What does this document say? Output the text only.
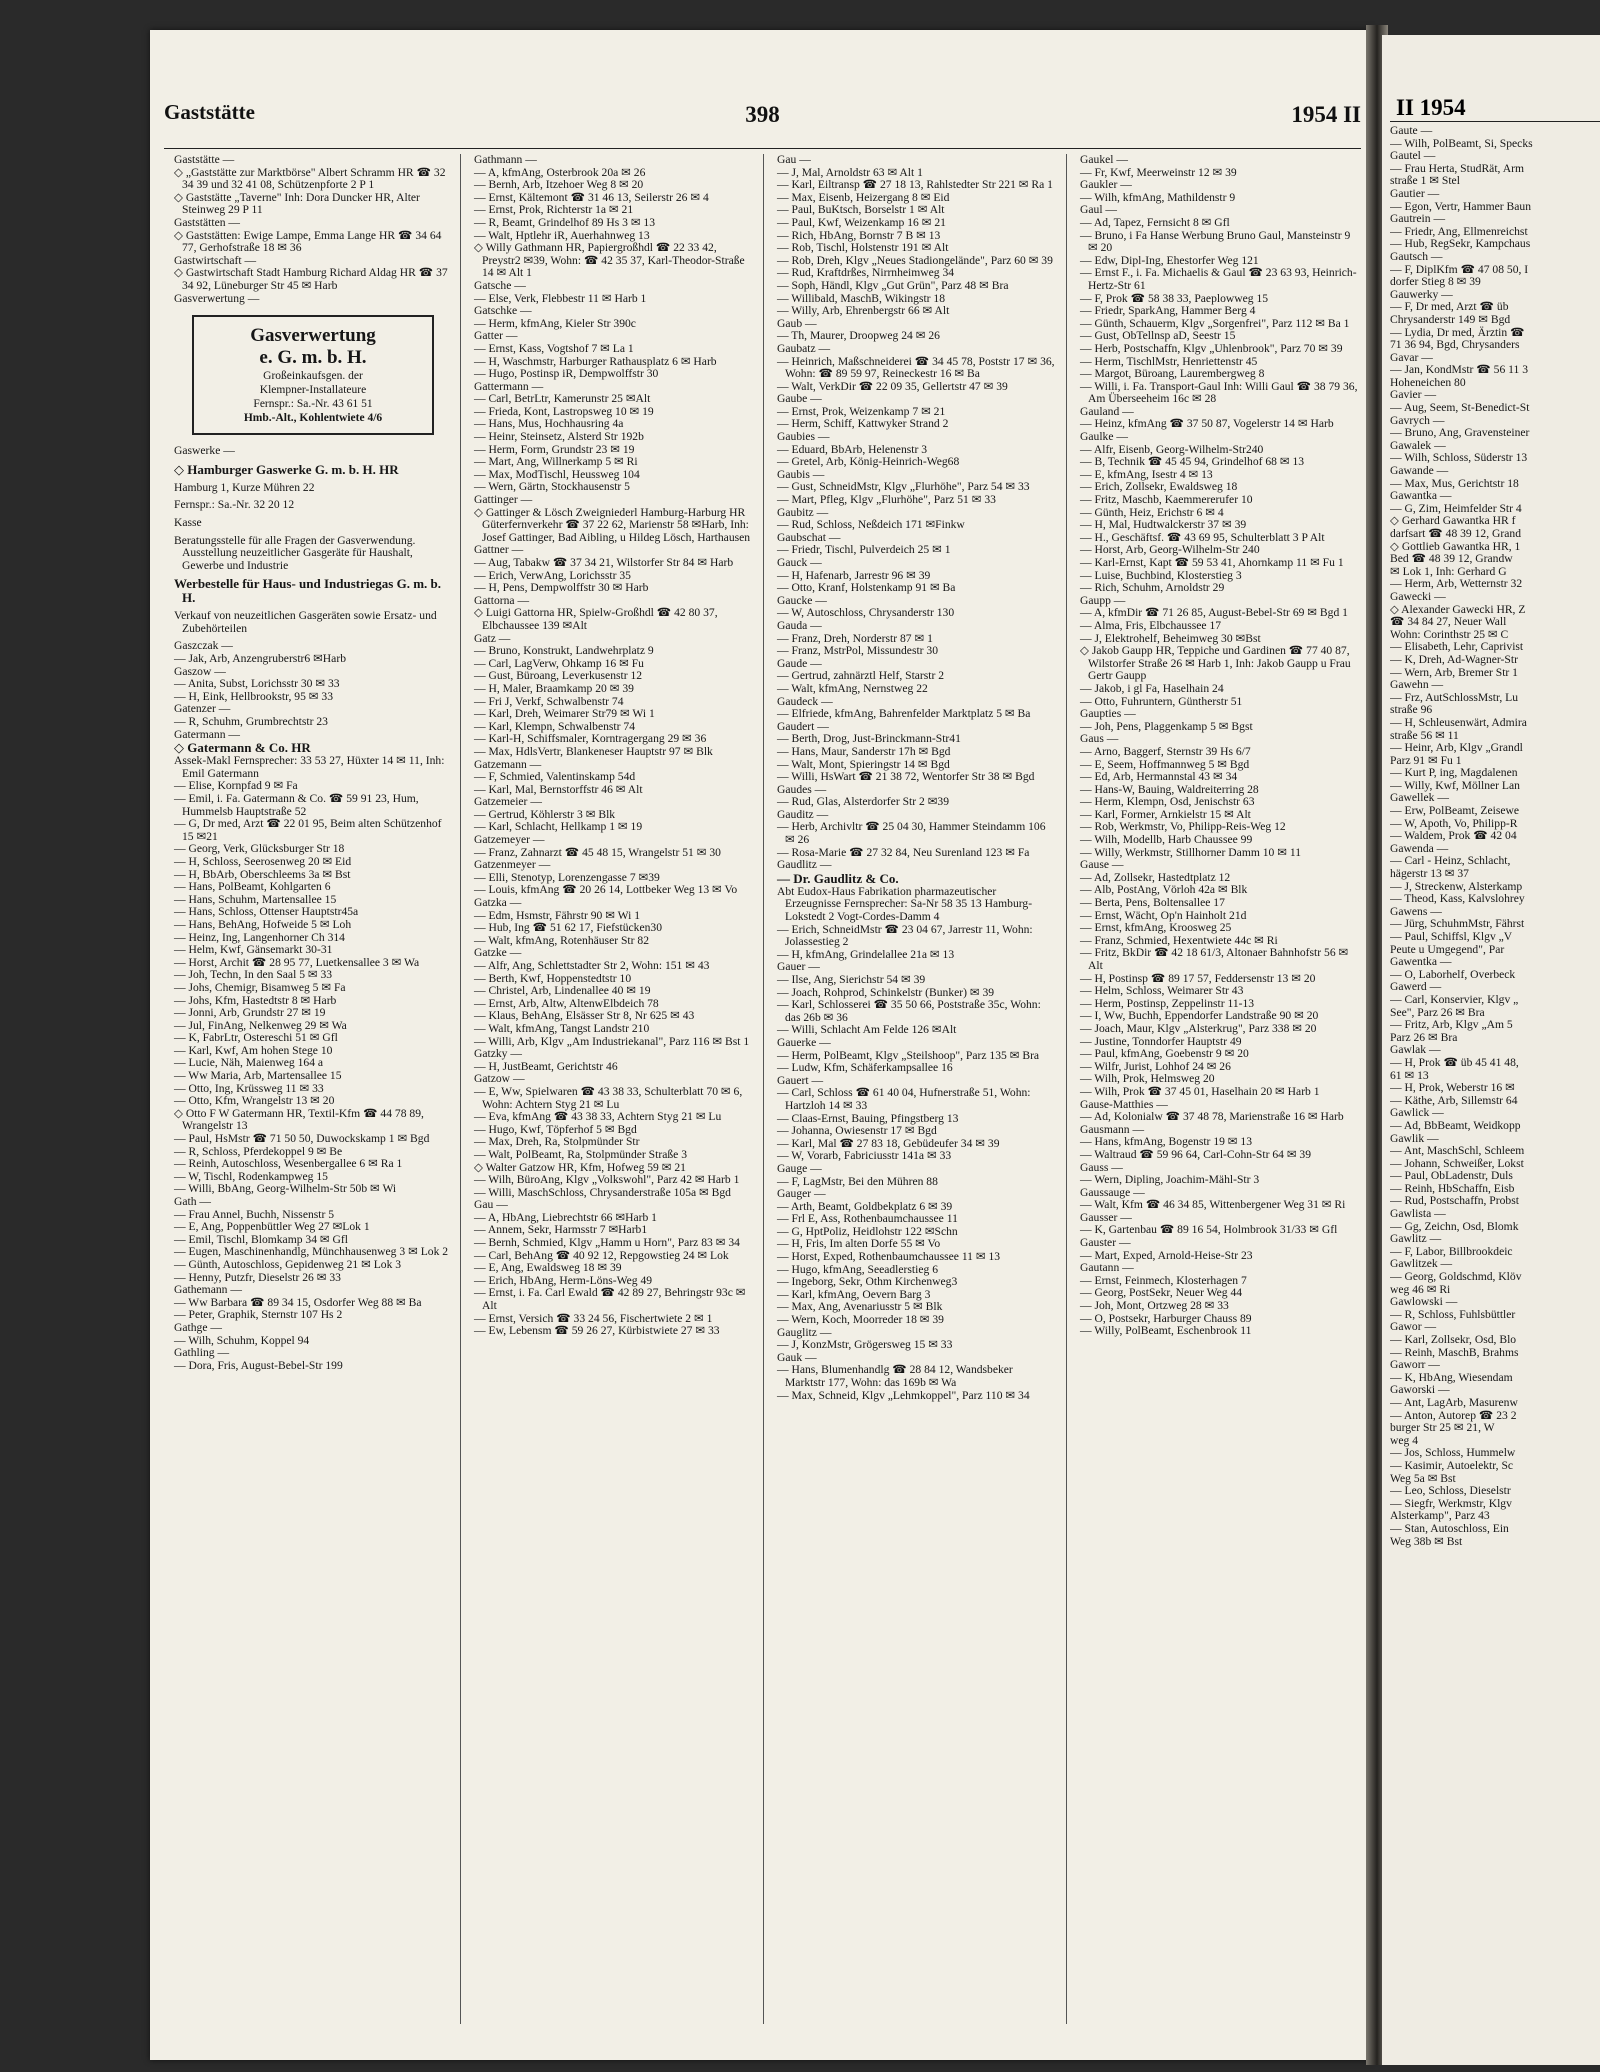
Gaststätte	398	1954 II

Gaststätte —

◇ „Gaststätte zur Marktbörse" Albert Schramm HR ☎ 32 34 39 und 32 41 08, Schützenpforte 2 P 1

◇ Gaststätte „Taverne" Inh: Dora Duncker HR, Alter Steinweg 29 P 11

Gaststätten —

◇ Gaststätten: Ewige Lampe, Emma Lange HR ☎ 34 64 77, Gerhofstraße 18 ✉ 36

Gastwirtschaft —

◇ Gastwirtschaft Stadt Hamburg Richard Aldag HR ☎ 37 34 92, Lüneburger Str 45 ✉ Harb

Gasverwertung —

Gasverwertung
e. G. m. b. H.
Großeinkaufsgen. der
Klempner-Installateure
Fernspr.: Sa.-Nr. 43 61 51
Hmb.-Alt., Kohlentwiete 4/6

Gaswerke —

◇ Hamburger Gaswerke G. m. b. H. HR

Hamburg 1, Kurze Mühren 22

Fernspr.: Sa.-Nr. 32 20 12

Kasse

Beratungsstelle für alle Fragen der Gasverwendung. Ausstellung neuzeitlicher Gasgeräte für Haushalt, Gewerbe und Industrie

Werbestelle für Haus- und Industriegas G. m. b. H.

Verkauf von neuzeitlichen Gasgeräten sowie Ersatz- und Zubehörteilen

Gaszczak —

— Jak, Arb, Anzengruberstr6 ✉Harb

Gaszow —

— Anita, Subst, Lorichsstr 30 ✉ 33

— H, Eink, Hellbrookstr, 95 ✉ 33

Gatenzer —

— R, Schuhm, Grumbrechtstr 23

Gatermann —

◇ Gatermann & Co. HR

Assek-Makl Fernsprecher: 33 53 27, Hüxter 14 ✉ 11, Inh: Emil Gatermann

— Elise, Kornpfad 9 ✉ Fa

— Emil, i. Fa. Gatermann & Co. ☎ 59 91 23, Hum, Hummelsb Hauptstraße 52

— G, Dr med, Arzt ☎ 22 01 95, Beim alten Schützenhof 15 ✉21

— Georg, Verk, Glücksburger Str 18

— H, Schloss, Seerosenweg 20 ✉ Eid

— H, BbArb, Oberschleems 3a ✉ Bst

— Hans, PolBeamt, Kohlgarten 6

— Hans, Schuhm, Martensallee 15

— Hans, Schloss, Ottenser Hauptstr45a

— Hans, BehAng, Hofweide 5 ✉ Loh

— Heinz, Ing, Langenhorner Ch 314

— Helm, Kwf, Gänsemarkt 30-31

— Horst, Archit ☎ 28 95 77, Luetkensallee 3 ✉ Wa

— Joh, Techn, In den Saal 5 ✉ 33

— Johs, Chemigr, Bisamweg 5 ✉ Fa

— Johs, Kfm, Hastedtstr 8 ✉ Harb

— Jonni, Arb, Grundstr 27 ✉ 19

— Jul, FinAng, Nelkenweg 29 ✉ Wa

— K, FabrLtr, Ostereschi 51 ✉ Gfl

— Karl, Kwf, Am hohen Stege 10

— Lucie, Näh, Maienweg 164 a

— Ww Maria, Arb, Martensallee 15

— Otto, Ing, Krüssweg 11 ✉ 33

— Otto, Kfm, Wrangelstr 13 ✉ 20

◇ Otto F W Gatermann HR, Textil-Kfm ☎ 44 78 89, Wrangelstr 13

— Paul, HsMstr ☎ 71 50 50, Duwockskamp 1 ✉ Bgd

— R, Schloss, Pferdekoppel 9 ✉ Be

— Reinh, Autoschloss, Wesenbergallee 6 ✉ Ra 1

— W, Tischl, Rodenkampweg 15

— Willi, BbAng, Georg-Wilhelm-Str 50b ✉ Wi

Gath —

— Frau Annel, Buchh, Nissenstr 5

— E, Ang, Poppenbüttler Weg 27 ✉Lok 1

— Emil, Tischl, Blomkamp 34 ✉ Gfl

— Eugen, Maschinenhandlg, Münchhausenweg 3 ✉ Lok 2

— Günth, Autoschloss, Gepidenweg 21 ✉ Lok 3

— Henny, Putzfr, Dieselstr 26 ✉ 33

Gathemann —

— Ww Barbara ☎ 89 34 15, Osdorfer Weg 88 ✉ Ba

— Peter, Graphik, Sternstr 107 Hs 2

Gathge —

— Wilh, Schuhm, Koppel 94

Gathling —

— Dora, Fris, August-Bebel-Str 199

Gathmann —

— A, kfmAng, Osterbrook 20a ✉ 26

— Bernh, Arb, Itzehoer Weg 8 ✉ 20

— Ernst, Kältemont ☎ 31 46 13, Seilerstr 26 ✉ 4

— Ernst, Prok, Richterstr 1a ✉ 21

— R, Beamt, Grindelhof 89 Hs 3 ✉ 13

— Walt, Hptlehr iR, Auerhahnweg 13

◇ Willy Gathmann HR, Papiergroßhdl ☎ 22 33 42, Preystr2 ✉39, Wohn: ☎ 42 35 37, Karl-Theodor-Straße 14 ✉ Alt 1

Gatsche —

— Else, Verk, Flebbestr 11 ✉ Harb 1

Gatschke —

— Herm, kfmAng, Kieler Str 390c

Gatter —

— Ernst, Kass, Vogtshof 7 ✉ La 1

— H, Waschmstr, Harburger Rathausplatz 6 ✉ Harb

— Hugo, Postinsp iR, Dempwolffstr 30

Gattermann —

— Carl, BetrLtr, Kamerunstr 25 ✉Alt

— Frieda, Kont, Lastropsweg 10 ✉ 19

— Hans, Mus, Hochhausring 4a

— Heinr, Steinsetz, Alsterd Str 192b

— Herm, Form, Grundstr 23 ✉ 19

— Mart, Ang, Willnerkamp 5 ✉ Ri

— Max, ModTischl, Heussweg 104

— Wern, Gärtn, Stockhausenstr 5

Gattinger —

◇ Gattinger & Lösch Zweigniederl Hamburg-Harburg HR Güterfernverkehr ☎ 37 22 62, Marienstr 58 ✉Harb, Inh: Josef Gattinger, Bad Aibling, u Hildeg Lösch, Harthausen

Gattner —

— Aug, Tabakw ☎ 37 34 21, Wilstorfer Str 84 ✉ Harb

— Erich, VerwAng, Lorichsstr 35

— H, Pens, Dempwolffstr 30 ✉ Harb

Gattorna —

◇ Luigi Gattorna HR, Spielw-Großhdl ☎ 42 80 37, Elbchaussee 139 ✉Alt

Gatz —

— Bruno, Konstrukt, Landwehrplatz 9

— Carl, LagVerw, Ohkamp 16 ✉ Fu

— Gust, Büroang, Leverkusenstr 12

— H, Maler, Braamkamp 20 ✉ 39

— Fri J, Verkf, Schwalbenstr 74

— Karl, Dreh, Weimarer Str79 ✉ Wi 1

— Karl, Klempn, Schwalbenstr 74

— Karl-H, Schiffsmaler, Korntragergang 29 ✉ 36

— Max, HdlsVertr, Blankeneser Hauptstr 97 ✉ Blk

Gatzemann —

— F, Schmied, Valentinskamp 54d

— Karl, Mal, Bernstorffstr 46 ✉ Alt

Gatzemeier —

— Gertrud, Köhlerstr 3 ✉ Blk

— Karl, Schlacht, Hellkamp 1 ✉ 19

Gatzemeyer —

— Franz, Zahnarzt ☎ 45 48 15, Wrangelstr 51 ✉ 30

Gatzenmeyer —

— Elli, Stenotyp, Lorenzengasse 7 ✉39

— Louis, kfmAng ☎ 20 26 14, Lottbeker Weg 13 ✉ Vo

Gatzka —

— Edm, Hsmstr, Fährstr 90 ✉ Wi 1

— Hub, Ing ☎ 51 62 17, Fiefstücken30

— Walt, kfmAng, Rotenhäuser Str 82

Gatzke —

— Alfr, Ang, Schlettstadter Str 2, Wohn: 151 ✉ 43

— Berth, Kwf, Hoppenstedtstr 10

— Christel, Arb, Lindenallee 40 ✉ 19

— Ernst, Arb, Altw, AltenwElbdeich 78

— Klaus, BehAng, Elsässer Str 8, Nr 625 ✉ 43

— Walt, kfmAng, Tangst Landstr 210

— Willi, Arb, Klgv „Am Industriekanal", Parz 116 ✉ Bst 1

Gatzky —

— H, JustBeamt, Gerichtstr 46

Gatzow —

— E, Ww, Spielwaren ☎ 43 38 33, Schulterblatt 70 ✉ 6, Wohn: Achtern Styg 21 ✉ Lu

— Eva, kfmAng ☎ 43 38 33, Achtern Styg 21 ✉ Lu

— Hugo, Kwf, Töpferhof 5 ✉ Bgd

— Max, Dreh, Ra, Stolpmünder Str

— Walt, PolBeamt, Ra, Stolpmünder Straße 3

◇ Walter Gatzow HR, Kfm, Hofweg 59 ✉ 21

— Wilh, BüroAng, Klgv „Volkswohl", Parz 42 ✉ Harb 1

— Willi, MaschSchloss, Chrysanderstraße 105a ✉ Bgd

Gau —

— A, HbAng, Liebrechtstr 66 ✉Harb 1

— Annem, Sekr, Harmsstr 7 ✉Harb1

— Bernh, Schmied, Klgv „Hamm u Horn", Parz 83 ✉ 34

— Carl, BehAng ☎ 40 92 12, Repgowstieg 24 ✉ Lok

— E, Ang, Ewaldsweg 18 ✉ 39

— Erich, HbAng, Herm-Löns-Weg 49

— Ernst, i. Fa. Carl Ewald ☎ 42 89 27, Behringstr 93c ✉ Alt

— Ernst, Versich ☎ 33 24 56, Fischertwiete 2 ✉ 1

— Ew, Lebensm ☎ 59 26 27, Kürbistwiete 27 ✉ 33

Gau —

— J, Mal, Arnoldstr 63 ✉ Alt 1

— Karl, Eiltransp ☎ 27 18 13, Rahlstedter Str 221 ✉ Ra 1

— Max, Eisenb, Heizergang 8 ✉ Eid

— Paul, BuKtsch, Borselstr 1 ✉ Alt

— Paul, Kwf, Weizenkamp 16 ✉ 21

— Rich, HbAng, Bornstr 7 B ✉ 13

— Rob, Tischl, Holstenstr 191 ✉ Alt

— Rob, Dreh, Klgv „Neues Stadiongelände", Parz 60 ✉ 39

— Rud, Kraftdrßes, Nirrnheimweg 34

— Soph, Händl, Klgv „Gut Grün", Parz 48 ✉ Bra

— Willibald, MaschB, Wikingstr 18

— Willy, Arb, Ehrenbergstr 66 ✉ Alt

Gaub —

— Th, Maurer, Droopweg 24 ✉ 26

Gaubatz —

— Heinrich, Maßschneiderei ☎ 34 45 78, Poststr 17 ✉ 36, Wohn: ☎ 89 59 97, Reineckestr 16 ✉ Ba

— Walt, VerkDir ☎ 22 09 35, Gellertstr 47 ✉ 39

Gaube —

— Ernst, Prok, Weizenkamp 7 ✉ 21

— Herm, Schiff, Kattwyker Strand 2

Gaubies —

— Eduard, BbArb, Helenenstr 3

— Gretel, Arb, König-Heinrich-Weg68

Gaubis —

— Gust, SchneidMstr, Klgv „Flurhöhe", Parz 54 ✉ 33

— Mart, Pfleg, Klgv „Flurhöhe", Parz 51 ✉ 33

Gaubitz —

— Rud, Schloss, Neßdeich 171 ✉Finkw

Gaubschat —

— Friedr, Tischl, Pulverdeich 25 ✉ 1

Gauck —

— H, Hafenarb, Jarrestr 96 ✉ 39

— Otto, Kranf, Holstenkamp 91 ✉ Ba

Gaucke —

— W, Autoschloss, Chrysanderstr 130

Gauda —

— Franz, Dreh, Norderstr 87 ✉ 1

— Franz, MstrPol, Missundestr 30

Gaude —

— Gertrud, zahnärztl Helf, Starstr 2

— Walt, kfmAng, Nernstweg 22

Gaudeck —

— Elfriede, kfmAng, Bahrenfelder Marktplatz 5 ✉ Ba

Gaudert —

— Berth, Drog, Just-Brinckmann-Str41

— Hans, Maur, Sanderstr 17h ✉ Bgd

— Walt, Mont, Spieringstr 14 ✉ Bgd

— Willi, HsWart ☎ 21 38 72, Wentorfer Str 38 ✉ Bgd

Gaudes —

— Rud, Glas, Alsterdorfer Str 2 ✉39

Gauditz —

— Herb, Archivltr ☎ 25 04 30, Hammer Steindamm 106 ✉ 26

— Rosa-Marie ☎ 27 32 84, Neu Surenland 123 ✉ Fa

Gaudlitz —

— Dr. Gaudlitz & Co.

Abt Eudox-Haus Fabrikation pharmazeutischer Erzeugnisse Fernsprecher: Sa-Nr 58 35 13 Hamburg-Lokstedt 2 Vogt-Cordes-Damm 4

— Erich, SchneidMstr ☎ 23 04 67, Jarrestr 11, Wohn: Jolassestieg 2

— H, kfmAng, Grindelallee 21a ✉ 13

Gauer —

— Ilse, Ang, Sierichstr 54 ✉ 39

— Joach, Rohprod, Schinkelstr (Bunker) ✉ 39

— Karl, Schlosserei ☎ 35 50 66, Poststraße 35c, Wohn: das 26b ✉ 36

— Willi, Schlacht Am Felde 126 ✉Alt

Gauerke —

— Herm, PolBeamt, Klgv „Steilshoop", Parz 135 ✉ Bra

— Ludw, Kfm, Schäferkampsallee 16

Gauert —

— Carl, Schloss ☎ 61 40 04, Hufnerstraße 51, Wohn: Hartzloh 14 ✉ 33

— Claas-Ernst, Bauing, Pfingstberg 13

— Johanna, Owiesenstr 17 ✉ Bgd

— Karl, Mal ☎ 27 83 18, Gebüdeufer 34 ✉ 39

— W, Vorarb, Fabriciusstr 141a ✉ 33

Gauge —

— F, LagMstr, Bei den Mühren 88

Gauger —

— Arth, Beamt, Goldbekplatz 6 ✉ 39

— Frl E, Ass, Rothenbaumchaussee 11

— G, HptPoliz, Heidlohstr 122 ✉Schn

— H, Fris, Im alten Dorfe 55 ✉ Vo

— Horst, Exped, Rothenbaumchaussee 11 ✉ 13

— Hugo, kfmAng, Seeadlerstieg 6

— Ingeborg, Sekr, Othm Kirchenweg3

— Karl, kfmAng, Oevern Barg 3

— Max, Ang, Avenariusstr 5 ✉ Blk

— Wern, Koch, Moorreder 18 ✉ 39

Gauglitz —

— J, KonzMstr, Grögersweg 15 ✉ 33

Gauk —

— Hans, Blumenhandlg ☎ 28 84 12, Wandsbeker Marktstr 177, Wohn: das 169b ✉ Wa

— Max, Schneid, Klgv „Lehmkoppel", Parz 110 ✉ 34

Gaukel —

— Fr, Kwf, Meerweinstr 12 ✉ 39

Gaukler —

— Wilh, kfmAng, Mathildenstr 9

Gaul —

— Ad, Tapez, Fernsicht 8 ✉ Gfl

— Bruno, i Fa Hanse Werbung Bruno Gaul, Mansteinstr 9 ✉ 20

— Edw, Dipl-Ing, Ehestorfer Weg 121

— Ernst F., i. Fa. Michaelis & Gaul ☎ 23 63 93, Heinrich-Hertz-Str 61

— F, Prok ☎ 58 38 33, Paeplowweg 15

— Friedr, SparkAng, Hammer Berg 4

— Günth, Schauerm, Klgv „Sorgenfrei", Parz 112 ✉ Ba 1

— Gust, ObTellnsp aD, Seestr 15

— Herb, Postschaffn, Klgv „Uhlenbrook", Parz 70 ✉ 39

— Herm, TischlMstr, Henriettenstr 45

— Margot, Büroang, Laurembergweg 8

— Willi, i. Fa. Transport-Gaul Inh: Willi Gaul ☎ 38 79 36, Am Überseeheim 16c ✉ 28

Gauland —

— Heinz, kfmAng ☎ 37 50 87, Vogelerstr 14 ✉ Harb

Gaulke —

— Alfr, Eisenb, Georg-Wilhelm-Str240

— B, Technik ☎ 45 45 94, Grindelhof 68 ✉ 13

— E, kfmAng, Isestr 4 ✉ 13

— Erich, Zollsekr, Ewaldsweg 18

— Fritz, Maschb, Kaemmererufer 10

— Günth, Heiz, Erichstr 6 ✉ 4

— H, Mal, Hudtwalckerstr 37 ✉ 39

— H., Geschäftsf. ☎ 43 69 95, Schulterblatt 3 P Alt

— Horst, Arb, Georg-Wilhelm-Str 240

— Karl-Ernst, Kapt ☎ 59 53 41, Ahornkamp 11 ✉ Fu 1

— Luise, Buchbind, Klosterstieg 3

— Rich, Schuhm, Arnoldstr 29

Gaupp —

— A, kfmDir ☎ 71 26 85, August-Bebel-Str 69 ✉ Bgd 1

— Alma, Fris, Elbchaussee 17

— J, Elektrohelf, Beheimweg 30 ✉Bst

◇ Jakob Gaupp HR, Teppiche und Gardinen ☎ 77 40 87, Wilstorfer Straße 26 ✉ Harb 1, Inh: Jakob Gaupp u Frau Gertr Gaupp

— Jakob, i gl Fa, Haselhain 24

— Otto, Fuhruntern, Güntherstr 51

Gaupties —

— Joh, Pens, Plaggenkamp 5 ✉ Bgst

Gaus —

— Arno, Baggerf, Sternstr 39 Hs 6/7

— E, Seem, Hoffmannweg 5 ✉ Bgd

— Ed, Arb, Hermannstal 43 ✉ 34

— Hans-W, Bauing, Waldreiterring 28

— Herm, Klempn, Osd, Jenischstr 63

— Karl, Former, Arnkielstr 15 ✉ Alt

— Rob, Werkmstr, Vo, Philipp-Reis-Weg 12

— Wilh, Modellb, Harb Chaussee 99

— Willy, Werkmstr, Stillhorner Damm 10 ✉ 11

Gause —

— Ad, Zollsekr, Hastedtplatz 12

— Alb, PostAng, Vörloh 42a ✉ Blk

— Berta, Pens, Boltensallee 17

— Ernst, Wächt, Op'n Hainholt 21d

— Ernst, kfmAng, Kroosweg 25

— Franz, Schmied, Hexentwiete 44c ✉ Ri

— Fritz, BkDir ☎ 42 18 61/3, Altonaer Bahnhofstr 56 ✉ Alt

— H, Postinsp ☎ 89 17 57, Feddersenstr 13 ✉ 20

— Helm, Schloss, Weimarer Str 43

— Herm, Postinsp, Zeppelinstr 11-13

— I, Ww, Buchh, Eppendorfer Landstraße 90 ✉ 20

— Joach, Maur, Klgv „Alsterkrug", Parz 338 ✉ 20

— Justine, Tonndorfer Hauptstr 49

— Paul, kfmAng, Goebenstr 9 ✉ 20

— Wilfr, Jurist, Lohhof 24 ✉ 26

— Wilh, Prok, Helmsweg 20

— Wilh, Prok ☎ 37 45 01, Haselhain 20 ✉ Harb 1

Gause-Matthies —

— Ad, Kolonialw ☎ 37 48 78, Marienstraße 16 ✉ Harb

Gausmann —

— Hans, kfmAng, Bogenstr 19 ✉ 13

— Waltraud ☎ 59 96 64, Carl-Cohn-Str 64 ✉ 39

Gauss —

— Wern, Dipling, Joachim-Mähl-Str 3

Gaussauge —

— Walt, Kfm ☎ 46 34 85, Wittenbergener Weg 31 ✉ Ri

Gausser —

— K, Gartenbau ☎ 89 16 54, Holmbrook 31/33 ✉ Gfl

Gauster —

— Mart, Exped, Arnold-Heise-Str 23

Gautann —

— Ernst, Feinmech, Klosterhagen 7

— Georg, PostSekr, Neuer Weg 44

— Joh, Mont, Ortzweg 28 ✉ 33

— O, Postsekr, Harburger Chauss 89

— Willy, PolBeamt, Eschenbrook 11

II 1954

Gaute —

— Wilh, PolBeamt, Si, Specks

Gautel —

— Frau Herta, StudRät, Arm

straße 1 ✉ Stel

Gautier —

— Egon, Vertr, Hammer Baun

Gautrein —

— Friedr, Ang, Ellmenreichst

— Hub, RegSekr, Kampchaus

Gautsch —

— F, DiplKfm ☎ 47 08 50, I

dorfer Stieg 8 ✉ 39

Gauwerky —

— F, Dr med, Arzt ☎ üb

Chrysanderstr 149 ✉ Bgd

— Lydia, Dr med, Ärztin ☎

71 36 94, Bgd, Chrysanders

Gavar —

— Jan, KondMstr ☎ 56 11 3

Hoheneichen 80

Gavier —

— Aug, Seem, St-Benedict-St

Gavrych —

— Bruno, Ang, Gravensteiner

Gawalek —

— Wilh, Schloss, Süderstr 13

Gawande —

— Max, Mus, Gerichtstr 18

Gawantka —

— G, Zim, Heimfelder Str 4

◇ Gerhard Gawantka HR f

darfsart ☎ 48 39 12, Grand

◇ Gottlieb Gawantka HR, 1

Bed ☎ 48 39 12, Grandw

✉ Lok 1, Inh: Gerhard G

— Herm, Arb, Wetternstr 32

Gawecki —

◇ Alexander Gawecki HR, Z

☎ 34 84 27, Neuer Wall

Wohn: Corinthstr 25 ✉ C

— Elisabeth, Lehr, Caprivist

— K, Dreh, Ad-Wagner-Str

— Wern, Arb, Bremer Str 1

Gawehn —

— Frz, AutSchlossMstr, Lu

straße 96

— H, Schleusenwärt, Admira

straße 56 ✉ 11

— Heinr, Arb, Klgv „Grandl

Parz 91 ✉ Fu 1

— Kurt P, ing, Magdalenen

— Willy, Kwf, Möllner Lan

Gawellek —

— Erw, PolBeamt, Zeisewe

— W, Apoth, Vo, Philipp-R

— Waldem, Prok ☎ 42 04

Gawenda —

— Carl - Heinz, Schlacht,

hägerstr 13 ✉ 37

— J, Streckenw, Alsterkamp

— Theod, Kass, Kalvslohrey

Gawens —

— Jürg, SchuhmMstr, Fährst

— Paul, Schiffsl, Klgv „V

Peute u Umgegend", Par

Gawentka —

— O, Laborhelf, Overbeck

Gawerd —

— Carl, Konservier, Klgv „

See", Parz 26 ✉ Bra

— Fritz, Arb, Klgv „Am 5

Parz 26 ✉ Bra

Gawlak —

— H, Prok ☎ üb 45 41 48,

61 ✉ 13

— H, Prok, Weberstr 16 ✉

— Käthe, Arb, Sillemstr 64

Gawlick —

— Ad, BbBeamt, Weidkopp

Gawlik —

— Ant, MaschSchl, Schleem

— Johann, Schweißer, Lokst

— Paul, ObLadenstr, Duls

— Reinh, HbSchaffn, Eisb

— Rud, Postschaffn, Probst

Gawlista —

— Gg, Zeichn, Osd, Blomk

Gawlitz —

— F, Labor, Billbrookdeic

Gawlitzek —

— Georg, Goldschmd, Klöv

weg 46 ✉ Ri

Gawlowski —

— R, Schloss, Fuhlsbüttler

Gawor —

— Karl, Zollsekr, Osd, Blo

— Reinh, MaschB, Brahms

Gaworr —

— K, HbAng, Wiesendam

Gaworski —

— Ant, LagArb, Masurenw

— Anton, Autorep ☎ 23 2

burger Str 25 ✉ 21, W

weg 4

— Jos, Schloss, Hummelw

— Kasimir, Autoelektr, Sc

Weg 5a ✉ Bst

— Leo, Schloss, Dieselstr

— Siegfr, Werkmstr, Klgv

Alsterkamp", Parz 43

— Stan, Autoschloss, Ein

Weg 38b ✉ Bst
